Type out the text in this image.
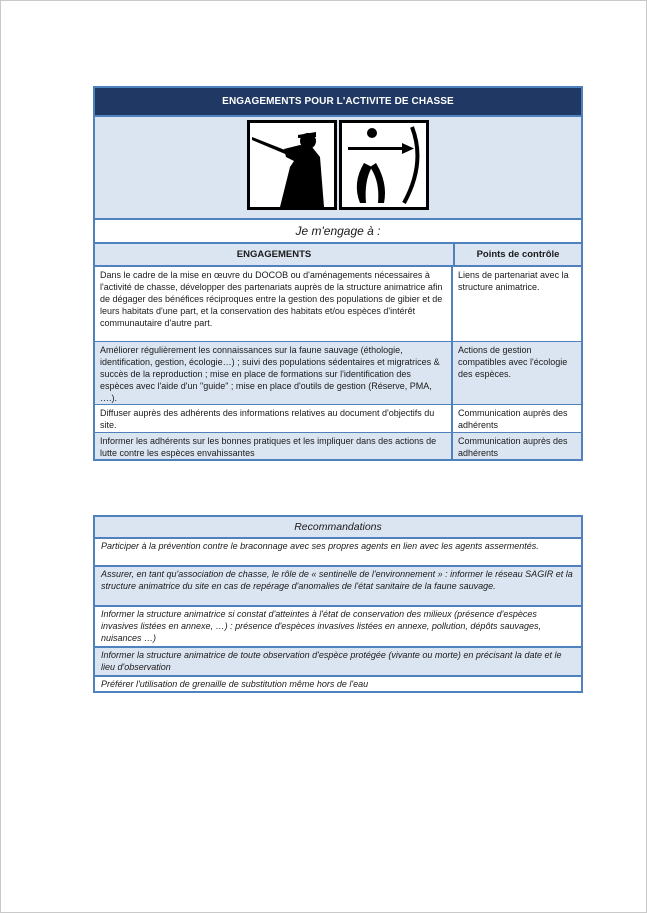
ENGAGEMENTS POUR L'ACTIVITE DE CHASSE
Je m'engage à :
ENGAGEMENTS	Points de contrôle
Dans le cadre de la mise en œuvre du DOCOB ou d'aménagements nécessaires à l'activité de chasse, développer des partenariats auprès de la structure animatrice afin de dégager des bénéfices réciproques entre la gestion des populations de gibier et de leurs habitats d'une part, et la conservation des habitats et/ou espèces d'intérêt communautaire d'autre part.
Liens de partenariat avec la structure animatrice.
Améliorer régulièrement les connaissances sur la faune sauvage (éthologie, identification, gestion, écologie…) ; suivi des populations sédentaires et migratrices & succès de la reproduction ; mise en place de formations sur l'identification des espèces avec l'aide d'un "guide" ; mise en place d'outils de gestion (Réserve, PMA, ….).
Actions de gestion compatibles avec l'écologie des espèces.
Diffuser auprès des adhérents des informations relatives au document d'objectifs du site.
Communication auprès des adhérents
Informer les adhérents sur les bonnes pratiques et les impliquer dans des actions de lutte contre les espèces envahissantes
Communication auprès des adhérents
Recommandations
Participer à la prévention contre le braconnage avec ses propres agents en lien avec les agents assermentés.
Assurer, en tant qu'association de chasse, le rôle de « sentinelle de l'environnement » : informer le réseau SAGIR et la structure animatrice du site en cas de repérage d'anomalies de l'état sanitaire de la faune sauvage.
Informer la structure animatrice si constat d'atteintes à l'état de conservation des milieux (présence d'espèces invasives listées en annexe, …) : présence d'espèces invasives listées en annexe, pollution, dépôts sauvages, nuisances …)
Informer la structure animatrice de toute observation d'espèce protégée (vivante ou morte) en précisant la date et le lieu d'observation
Préférer l'utilisation de grenaille de substitution même hors de l'eau
